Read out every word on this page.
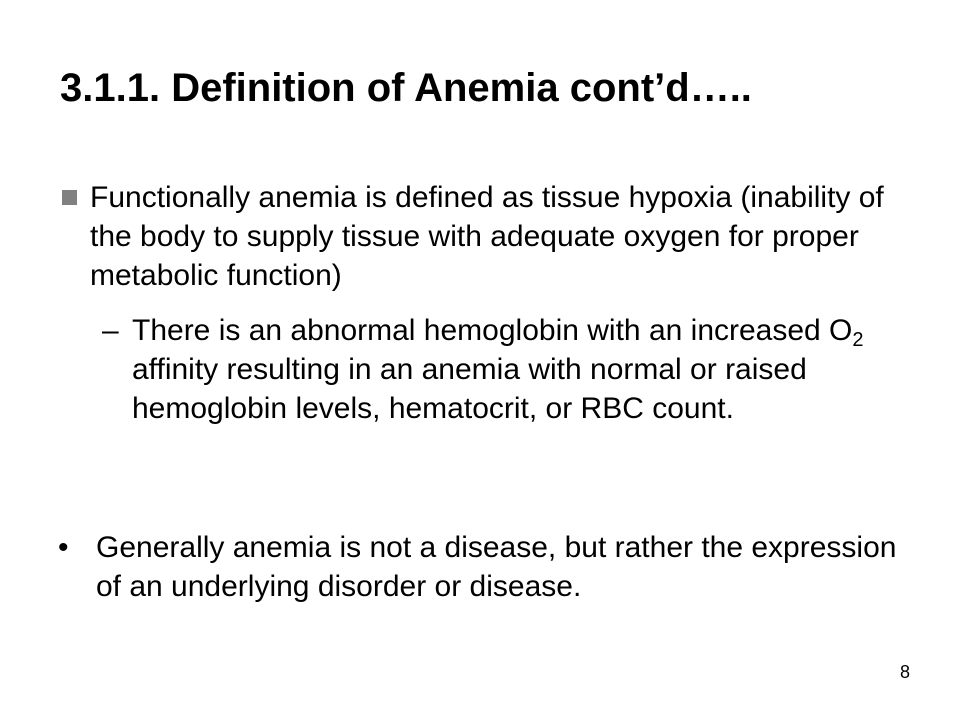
3.1.1. Definition of Anemia cont’d…..
Functionally anemia is defined as tissue hypoxia (inability of the body to supply tissue with adequate oxygen for proper metabolic function)
– There is an abnormal hemoglobin with an increased $O_2$ affinity resulting in an anemia with normal or raised hemoglobin levels, hematocrit, or RBC count.
• Generally anemia is not a disease, but rather the expression of an underlying disorder or disease.
8
